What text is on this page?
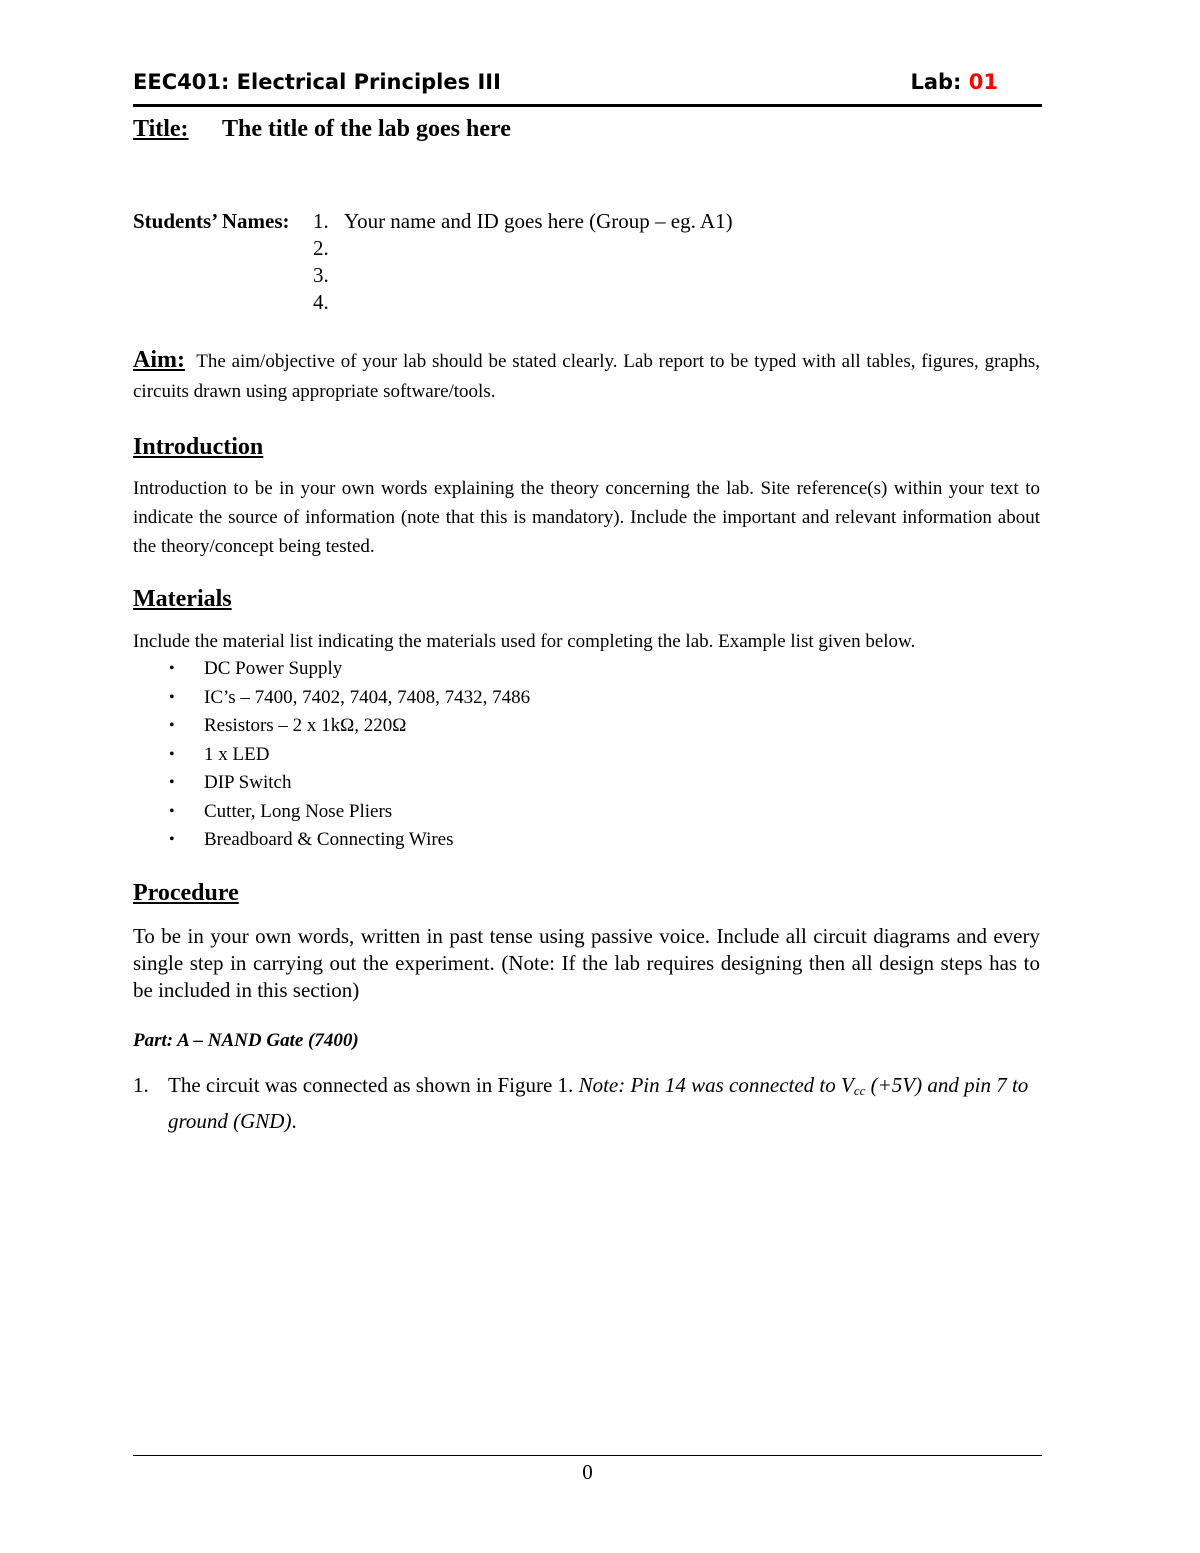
EEC401: Electrical Principles III	Lab: 01
Title: The title of the lab goes here
Students’ Names: 1. Your name and ID goes here (Group – eg. A1)
2.
3.
4.

Aim: The aim/objective of your lab should be stated clearly. Lab report to be typed with all tables, figures, graphs, circuits drawn using appropriate software/tools.

Introduction

Introduction to be in your own words explaining the theory concerning the lab. Site reference(s) within your text to indicate the source of information (note that this is mandatory). Include the important and relevant information about the theory/concept being tested.

Materials

Include the material list indicating the materials used for completing the lab. Example list given below.

• DC Power Supply
• IC’s – 7400, 7402, 7404, 7408, 7432, 7486
• Resistors – 2 x 1kΩ, 220Ω
• 1 x LED
• DIP Switch
• Cutter, Long Nose Pliers
• Breadboard & Connecting Wires
Procedure

To be in your own words, written in past tense using passive voice. Include all circuit diagrams and every single step in carrying out the experiment. (Note: If the lab requires designing then all design steps has to be included in this section)

Part: A – NAND Gate (7400)

1. The circuit was connected as shown in Figure 1. Note: Pin 14 was connected to $V_{cc}$ (+5V) and pin 7 to ground (GND).
0
